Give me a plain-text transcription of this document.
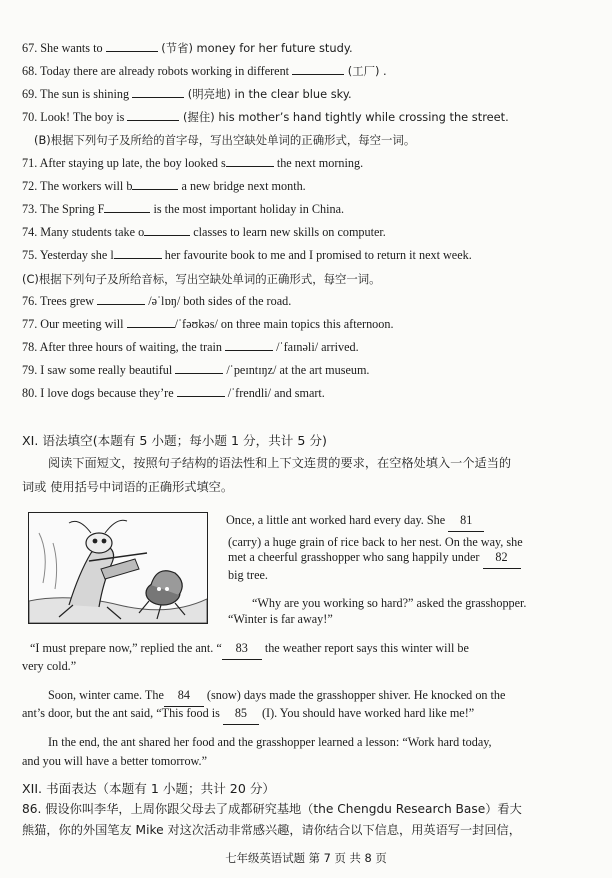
67. She wants to	(节省) money for her future study.
68. Today there are already robots working in different	(工厂) .
69. The sun is shining	(明亮地) in the clear blue sky.
70. Look! The boy is	(握住) his mother’s hand tightly while crossing the street.
(B)根据下列句子及所给的首字母，写出空缺处单词的正确形式，每空一词。
71. After staying up late, the boy looked s	the next morning.
72. The workers will b	a new bridge next month.
73. The Spring F	is the most important holiday in China.
74. Many students take o	classes to learn new skills on computer.
75. Yesterday she l	her favourite book to me and I promised to return it next week.
(C)根据下列句子及所给音标，写出空缺处单词的正确形式，每空一词。
76. Trees grew	/əˈlɒŋ/ both sides of the road.
77. Our meeting will	/ˈfəʊkəs/ on three main topics this afternoon.
78. After three hours of waiting, the train	/ˈfaɪnəli/ arrived.
79. I saw some really beautiful	/ˈpeɪntɪŋz/ at the art museum.
80. I love dogs because they’re	/ˈfrendli/ and smart.
XI. 语法填空(本题有 5 小题；每小题 1 分，共计 5 分)
阅读下面短文，按照句子结构的语法性和上下文连贯的要求，在空格处填入一个适当的
词或 使用括号中词语的正确形式填空。
Once, a little ant worked hard every day. She 81
(carry) a huge grain of rice back to her nest. On the way, she
met a cheerful grasshopper who sang happily under 82
big tree.
“Why are you working so hard?” asked the grasshopper.
“Winter is far away!”
“I must prepare now,” replied the ant. “ 83 the weather report says this winter will be
very cold.”
Soon, winter came. The 84 (snow) days made the grasshopper shiver. He knocked on the
ant’s door, but the ant said, “This food is 85 (I). You should have worked hard like me!”
In the end, the ant shared her food and the grasshopper learned a lesson: “Work hard today,
and you will have a better tomorrow.”
XII. 书面表达（本题有 1 小题；共计 20 分）
86. 假设你叫李华，上周你跟父母去了成都研究基地（the Chengdu Research Base）看大
熊猫，你的外国笔友 Mike 对这次活动非常感兴趣，请你结合以下信息，用英语写一封回信，
七年级英语试题 第 7 页 共 8 页
